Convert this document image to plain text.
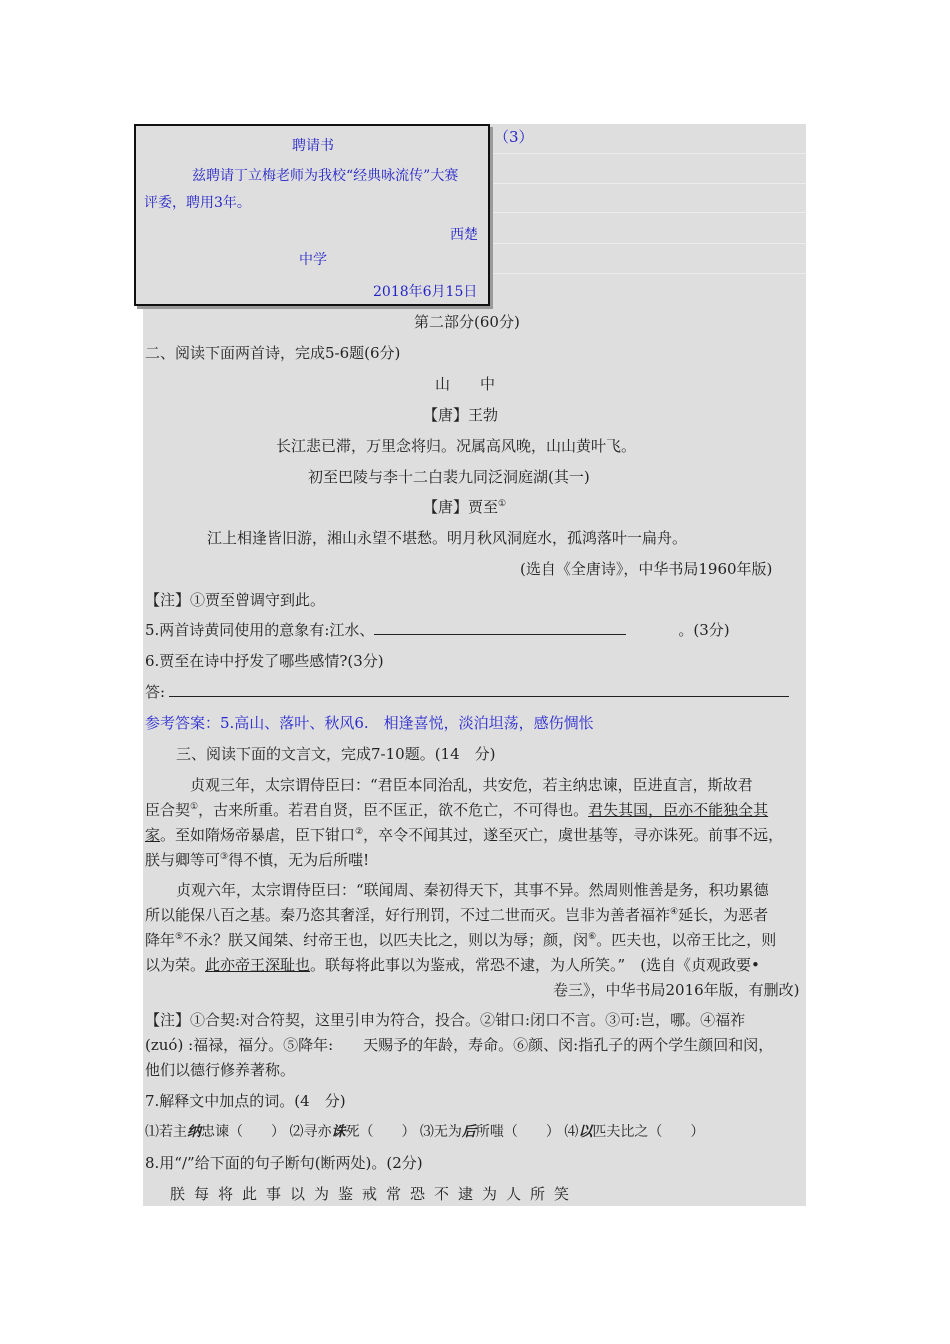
聘请书
兹聘请丁立梅老师为我校“经典咏流传”大赛
评委，聘用3年。
西楚
中学
2018年6月15日
（3）
第二部分(60分)
二、阅读下面两首诗，完成5-6题(6分)
山　　中
【唐】王勃
长江悲已滞，万里念将归。况属高风晚，山山黄叶飞。
初至巴陵与李十二白裴九同泛洞庭湖(其一)
【唐】贾至①
江上相逢皆旧游，湘山永望不堪愁。明月秋风洞庭水，孤鸿落叶一扁舟。
(选自《全唐诗》，中华书局1960年版)
【注】①贾至曾调守到此。
5.两首诗黄同使用的意象有:江水、	。(3分)
6.贾至在诗中抒发了哪些感情?(3分)
答:
参考答案：5.高山、落叶、秋风6.　相逢喜悦，淡泊坦荡，感伤惆怅
三、阅读下面的文言文，完成7-10题。(14　分)
贞观三年，太宗谓侍臣曰：“君臣本同治乱，共安危，若主纳忠谏，臣进直言，斯故君
臣合契①，古来所重。若君自贤，臣不匡正，欲不危亡，不可得也。君失其国，臣亦不能独全其
家。至如隋炀帝暴虐，臣下钳口②，卒令不闻其过，遂至灭亡，虞世基等，寻亦诛死。前事不远，
朕与卿等可③得不慎，无为后所嗤!
贞观六年，太宗谓侍臣曰：“联闻周、秦初得天下，其事不异。然周则惟善是务，积功累德
所以能保八百之基。秦乃恣其奢淫，好行刑罚，不过二世而灭。岂非为善者福祚④延长，为恶者
降年⑤不永？朕又闻桀、纣帝王也，以匹夫比之，则以为辱；颜，闵⑥。匹夫也，以帝王比之，则
以为荣。此亦帝王深耻也。联每将此事以为鉴戒，常恐不逮，为人所笑。”　(选自《贞观政要•
卷三》，中华书局2016年版，有删改)
【注】①合契:对合符契，这里引申为符合，投合。②钳口:闭口不言。③可:岂，哪。④福祚
(zuó) :福禄，福分。⑤降年:　　天赐予的年龄，寿命。⑥颜、闵:指孔子的两个学生颜回和闵，
他们以德行修养著称。
7.解释文中加点的词。(4　分)
⑴若主纳忠谏（　　） ⑵寻亦诛死（　　） ⑶无为后所嗤（　　） ⑷以匹夫比之（　　）
8.用“/”给下面的句子断句(断两处)。(2分)
朕每将此事以为鉴戒常恐不逮为人所笑
